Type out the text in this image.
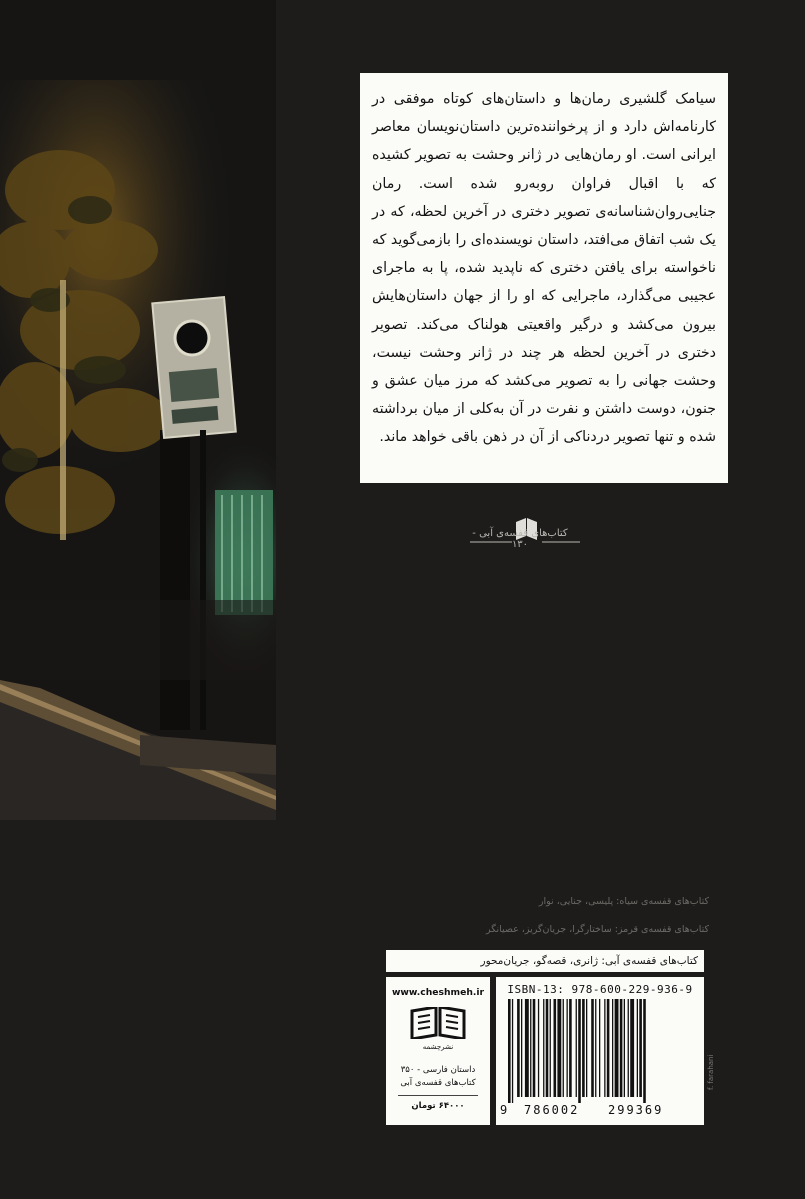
سیامک گلشیری رمان‌ها و داستان‌های کوتاه موفقی در کارنامه‌اش دارد و از پرخواننده‌ترین داستان‌نویسان معاصر ایرانی است. او رمان‌هایی در ژانر وحشت به تصویر کشیده که با اقبال فراوان روبه‌رو شده است. رمان جنایی‌روان‌شناسانه‌ی تصویر دختری در آخرین لحظه، که در یک شب اتفاق می‌افتد، داستان نویسنده‌ای را بازمی‌گوید که ناخواسته برای یافتن دختری که ناپدید شده، پا به ماجرای عجیبی می‌گذارد، ماجرایی که او را از جهان داستان‌هایش بیرون می‌کشد و درگیر واقعیتی هولناک می‌کند. تصویر دختری در آخرین لحظه هر چند در ژانر وحشت نیست، وحشت جهانی را به تصویر می‌کشد که مرز میان عشق و جنون، دوست داشتن و نفرت در آن به‌کلی از میان برداشته شده و تنها تصویر دردناکی از آن در ذهن باقی خواهد ماند.

کتاب‌های قفسه‌ی آبی - ۱۳۰
کتاب‌های قفسه‌ی سیاه: پلیسی، جنایی، نوار
کتاب‌های قفسه‌ی قرمز: ساختارگرا، جریان‌گریز، عصیانگر
کتاب‌های قفسه‌ی آبی: ژانری، قصه‌گو، جریان‌محور
www.cheshmeh.ir
نشرچشمه
داستان فارسی - ۳۵۰
کتاب‌های قفسه‌ی آبی
۶۴۰۰۰ تومان
ISBN-13: 978-600-229-936-9
9 786002 299369
f. farahani
